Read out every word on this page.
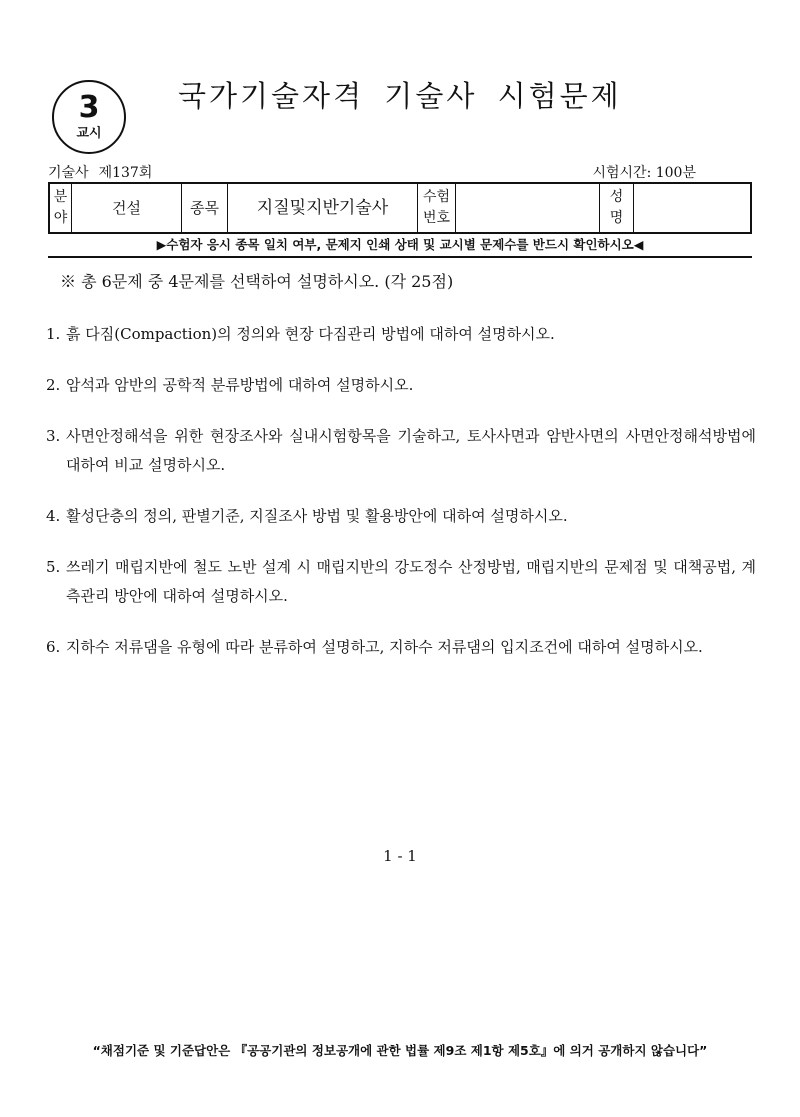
3
교시
국가기술자격 기술사 시험문제
기술사 제137회	시험시간: 100분
분
야
건설	종목 지질및지반기술사
수험
번호
성
명
▶수험자 응시 종목 일치 여부, 문제지 인쇄 상태 및 교시별 문제수를 반드시 확인하시오◀
※ 총 6문제 중 4문제를 선택하여 설명하시오. (각 25점)
1. 흙 다짐(Compaction)의 정의와 현장 다짐관리 방법에 대하여 설명하시오.
2. 암석과 암반의 공학적 분류방법에 대하여 설명하시오.
3. 사면안정해석을 위한 현장조사와 실내시험항목을 기술하고, 토사사면과 암반사면의 사면안정해석방법에 대하여 비교 설명하시오.
4. 활성단층의 정의, 판별기준, 지질조사 방법 및 활용방안에 대하여 설명하시오.
5. 쓰레기 매립지반에 철도 노반 설계 시 매립지반의 강도정수 산정방법, 매립지반의 문제점 및 대책공법, 계측관리 방안에 대하여 설명하시오.
6. 지하수 저류댐을 유형에 따라 분류하여 설명하고, 지하수 저류댐의 입지조건에 대하여 설명하시오.
1 - 1
“채점기준 및 기준답안은 『공공기관의 정보공개에 관한 법률 제9조 제1항 제5호』에 의거 공개하지 않습니다”
